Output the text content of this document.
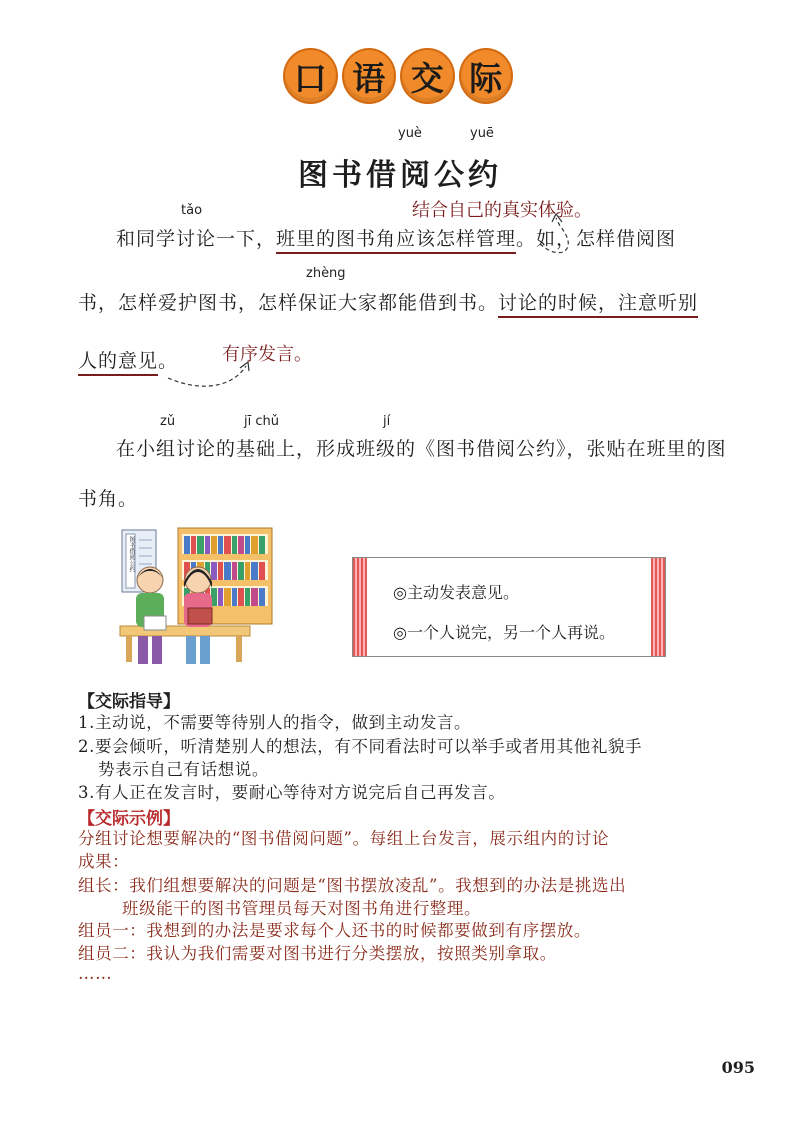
口 语 交 际
yuè	yuē
图书借阅公约
tǎo	结合自己的真实体验。
和同学讨论一下，班里的图书角应该怎样管理。如，怎样借阅图
zhèng
书，怎样爱护图书，怎样保证大家都能借到书。讨论的时候，注意听别
人的意见。 有序发言。
zǔ	jī chǔ	jí
在小组讨论的基础上，形成班级的《图书借阅公约》，张贴在班里的图
书角。
图书借阅公约
◎主动发表意见。
◎一个人说完，另一个人再说。
【交际指导】
1.主动说，不需要等待别人的指令，做到主动发言。
2.要会倾听，听清楚别人的想法，有不同看法时可以举手或者用其他礼貌手
势表示自己有话想说。
3.有人正在发言时，要耐心等待对方说完后自己再发言。
【交际示例】
分组讨论想要解决的“图书借阅问题”。每组上台发言，展示组内的讨论
成果：
组长：我们组想要解决的问题是“图书摆放凌乱”。我想到的办法是挑选出
班级能干的图书管理员每天对图书角进行整理。
组员一：我想到的办法是要求每个人还书的时候都要做到有序摆放。
组员二：我认为我们需要对图书进行分类摆放，按照类别拿取。
……
095
